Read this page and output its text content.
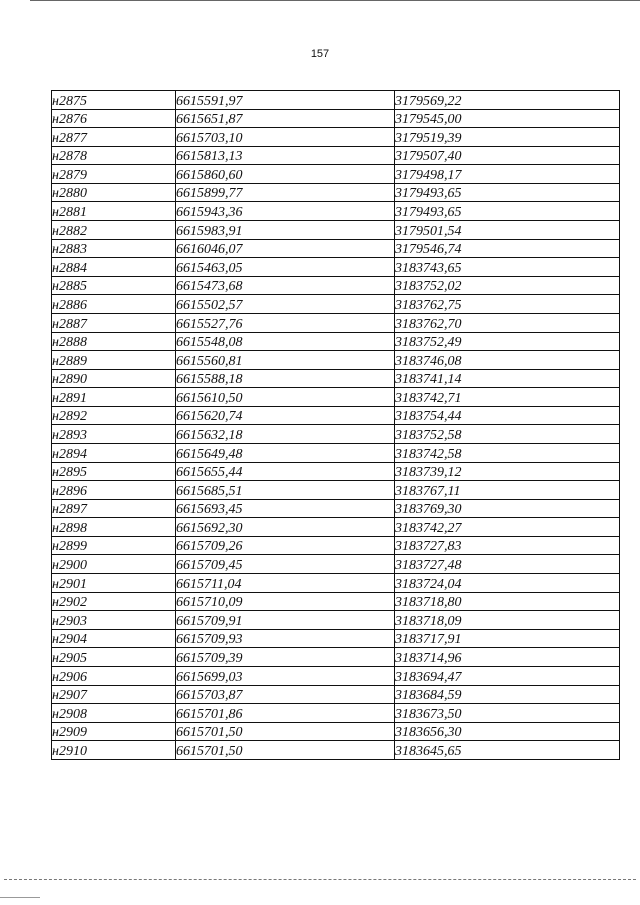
157
н2875	6615591,97	3179569,22
н2876	6615651,87	3179545,00
н2877	6615703,10	3179519,39
н2878	6615813,13	3179507,40
н2879	6615860,60	3179498,17
н2880	6615899,77	3179493,65
н2881	6615943,36	3179493,65
н2882	6615983,91	3179501,54
н2883	6616046,07	3179546,74
н2884	6615463,05	3183743,65
н2885	6615473,68	3183752,02
н2886	6615502,57	3183762,75
н2887	6615527,76	3183762,70
н2888	6615548,08	3183752,49
н2889	6615560,81	3183746,08
н2890	6615588,18	3183741,14
н2891	6615610,50	3183742,71
н2892	6615620,74	3183754,44
н2893	6615632,18	3183752,58
н2894	6615649,48	3183742,58
н2895	6615655,44	3183739,12
н2896	6615685,51	3183767,11
н2897	6615693,45	3183769,30
н2898	6615692,30	3183742,27
н2899	6615709,26	3183727,83
н2900	6615709,45	3183727,48
н2901	6615711,04	3183724,04
н2902	6615710,09	3183718,80
н2903	6615709,91	3183718,09
н2904	6615709,93	3183717,91
н2905	6615709,39	3183714,96
н2906	6615699,03	3183694,47
н2907	6615703,87	3183684,59
н2908	6615701,86	3183673,50
н2909	6615701,50	3183656,30
н2910	6615701,50	3183645,65
